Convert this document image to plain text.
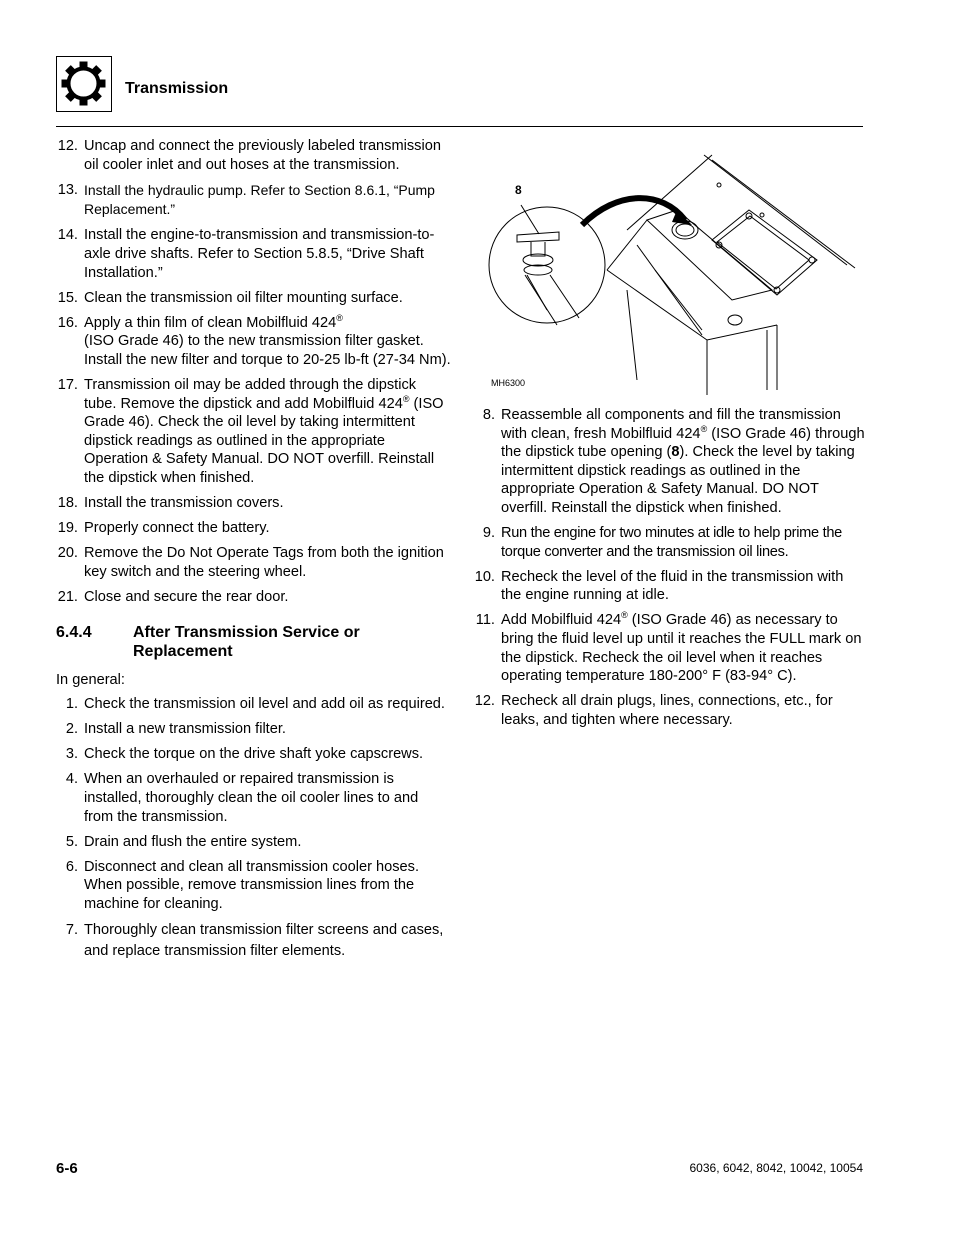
Transmission
12. Uncap and connect the previously labeled transmission oil cooler inlet and out hoses at the transmission.
13. Install the hydraulic pump. Refer to Section 8.6.1, “Pump Replacement.”
14. Install the engine-to-transmission and transmission-to-axle drive shafts. Refer to Section 5.8.5, “Drive Shaft Installation.”
15. Clean the transmission oil filter mounting surface.
16. Apply a thin film of clean Mobilfluid 424®
(ISO Grade 46) to the new transmission filter gasket. Install the new filter and torque to 20-25 lb-ft (27-34 Nm).
17. Transmission oil may be added through the dipstick tube. Remove the dipstick and add Mobilfluid 424® (ISO Grade 46). Check the oil level by taking intermittent dipstick readings as outlined in the appropriate Operation & Safety Manual. DO NOT overfill. Reinstall the dipstick when finished.
18. Install the transmission covers.
19. Properly connect the battery.
20. Remove the Do Not Operate Tags from both the ignition key switch and the steering wheel.
21. Close and secure the rear door.
6.4.4	After Transmission Service or Replacement
In general:
1. Check the transmission oil level and add oil as required.
2. Install a new transmission filter.
3. Check the torque on the drive shaft yoke capscrews.
4. When an overhauled or repaired transmission is installed, thoroughly clean the oil cooler lines to and from the transmission.
5. Drain and flush the entire system.
6. Disconnect and clean all transmission cooler hoses. When possible, remove transmission lines from the machine for cleaning.
7. Thoroughly clean transmission filter screens and cases, and replace transmission filter elements.
8
MH6300
8. Reassemble all components and fill the transmission with clean, fresh Mobilfluid 424® (ISO Grade 46) through the dipstick tube opening (8). Check the level by taking intermittent dipstick readings as outlined in the appropriate Operation & Safety Manual. DO NOT overfill. Reinstall the dipstick when finished.
9. Run the engine for two minutes at idle to help prime the torque converter and the transmission oil lines.
10. Recheck the level of the fluid in the transmission with the engine running at idle.
11. Add Mobilfluid 424® (ISO Grade 46) as necessary to bring the fluid level up until it reaches the FULL mark on the dipstick. Recheck the oil level when it reaches operating temperature 180-200° F (83-94° C).
12. Recheck all drain plugs, lines, connections, etc., for leaks, and tighten where necessary.
6-6	6036, 6042, 8042, 10042, 10054
